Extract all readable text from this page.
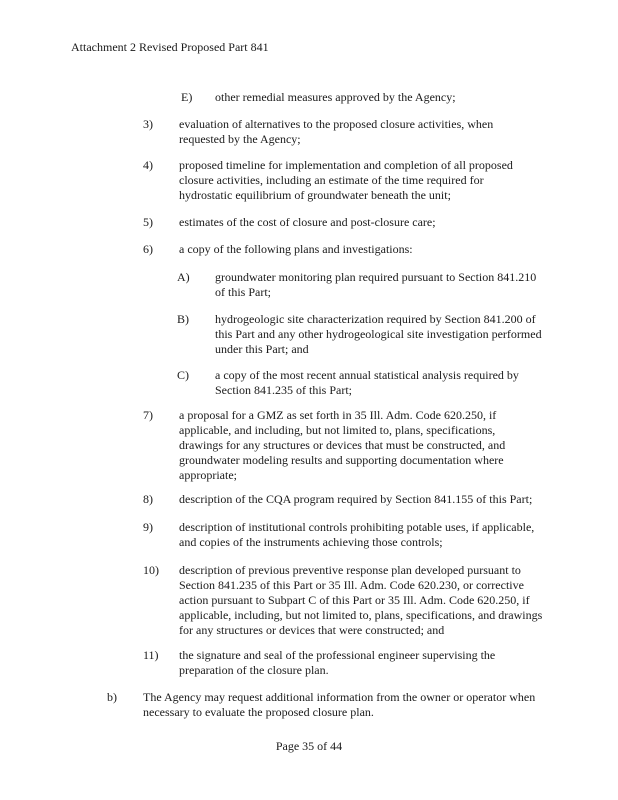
Attachment 2 Revised Proposed Part 841
E) other remedial measures approved by the Agency;
3) evaluation of alternatives to the proposed closure activities, when requested by the Agency;
4) proposed timeline for implementation and completion of all proposed closure activities, including an estimate of the time required for hydrostatic equilibrium of groundwater beneath the unit;
5) estimates of the cost of closure and post-closure care;
6) a copy of the following plans and investigations:
A) groundwater monitoring plan required pursuant to Section 841.210 of this Part;
B) hydrogeologic site characterization required by Section 841.200 of this Part and any other hydrogeological site investigation performed under this Part; and
C) a copy of the most recent annual statistical analysis required by Section 841.235 of this Part;
7) a proposal for a GMZ as set forth in 35 Ill. Adm. Code 620.250, if applicable, and including, but not limited to, plans, specifications, drawings for any structures or devices that must be constructed, and groundwater modeling results and supporting documentation where appropriate;
8) description of the CQA program required by Section 841.155 of this Part;
9) description of institutional controls prohibiting potable uses, if applicable, and copies of the instruments achieving those controls;
10) description of previous preventive response plan developed pursuant to Section 841.235 of this Part or 35 Ill. Adm. Code 620.230, or corrective action pursuant to Subpart C of this Part or 35 Ill. Adm. Code 620.250, if applicable, including, but not limited to, plans, specifications, and drawings for any structures or devices that were constructed; and
11) the signature and seal of the professional engineer supervising the preparation of the closure plan.
b) The Agency may request additional information from the owner or operator when necessary to evaluate the proposed closure plan.
Page 35 of 44
